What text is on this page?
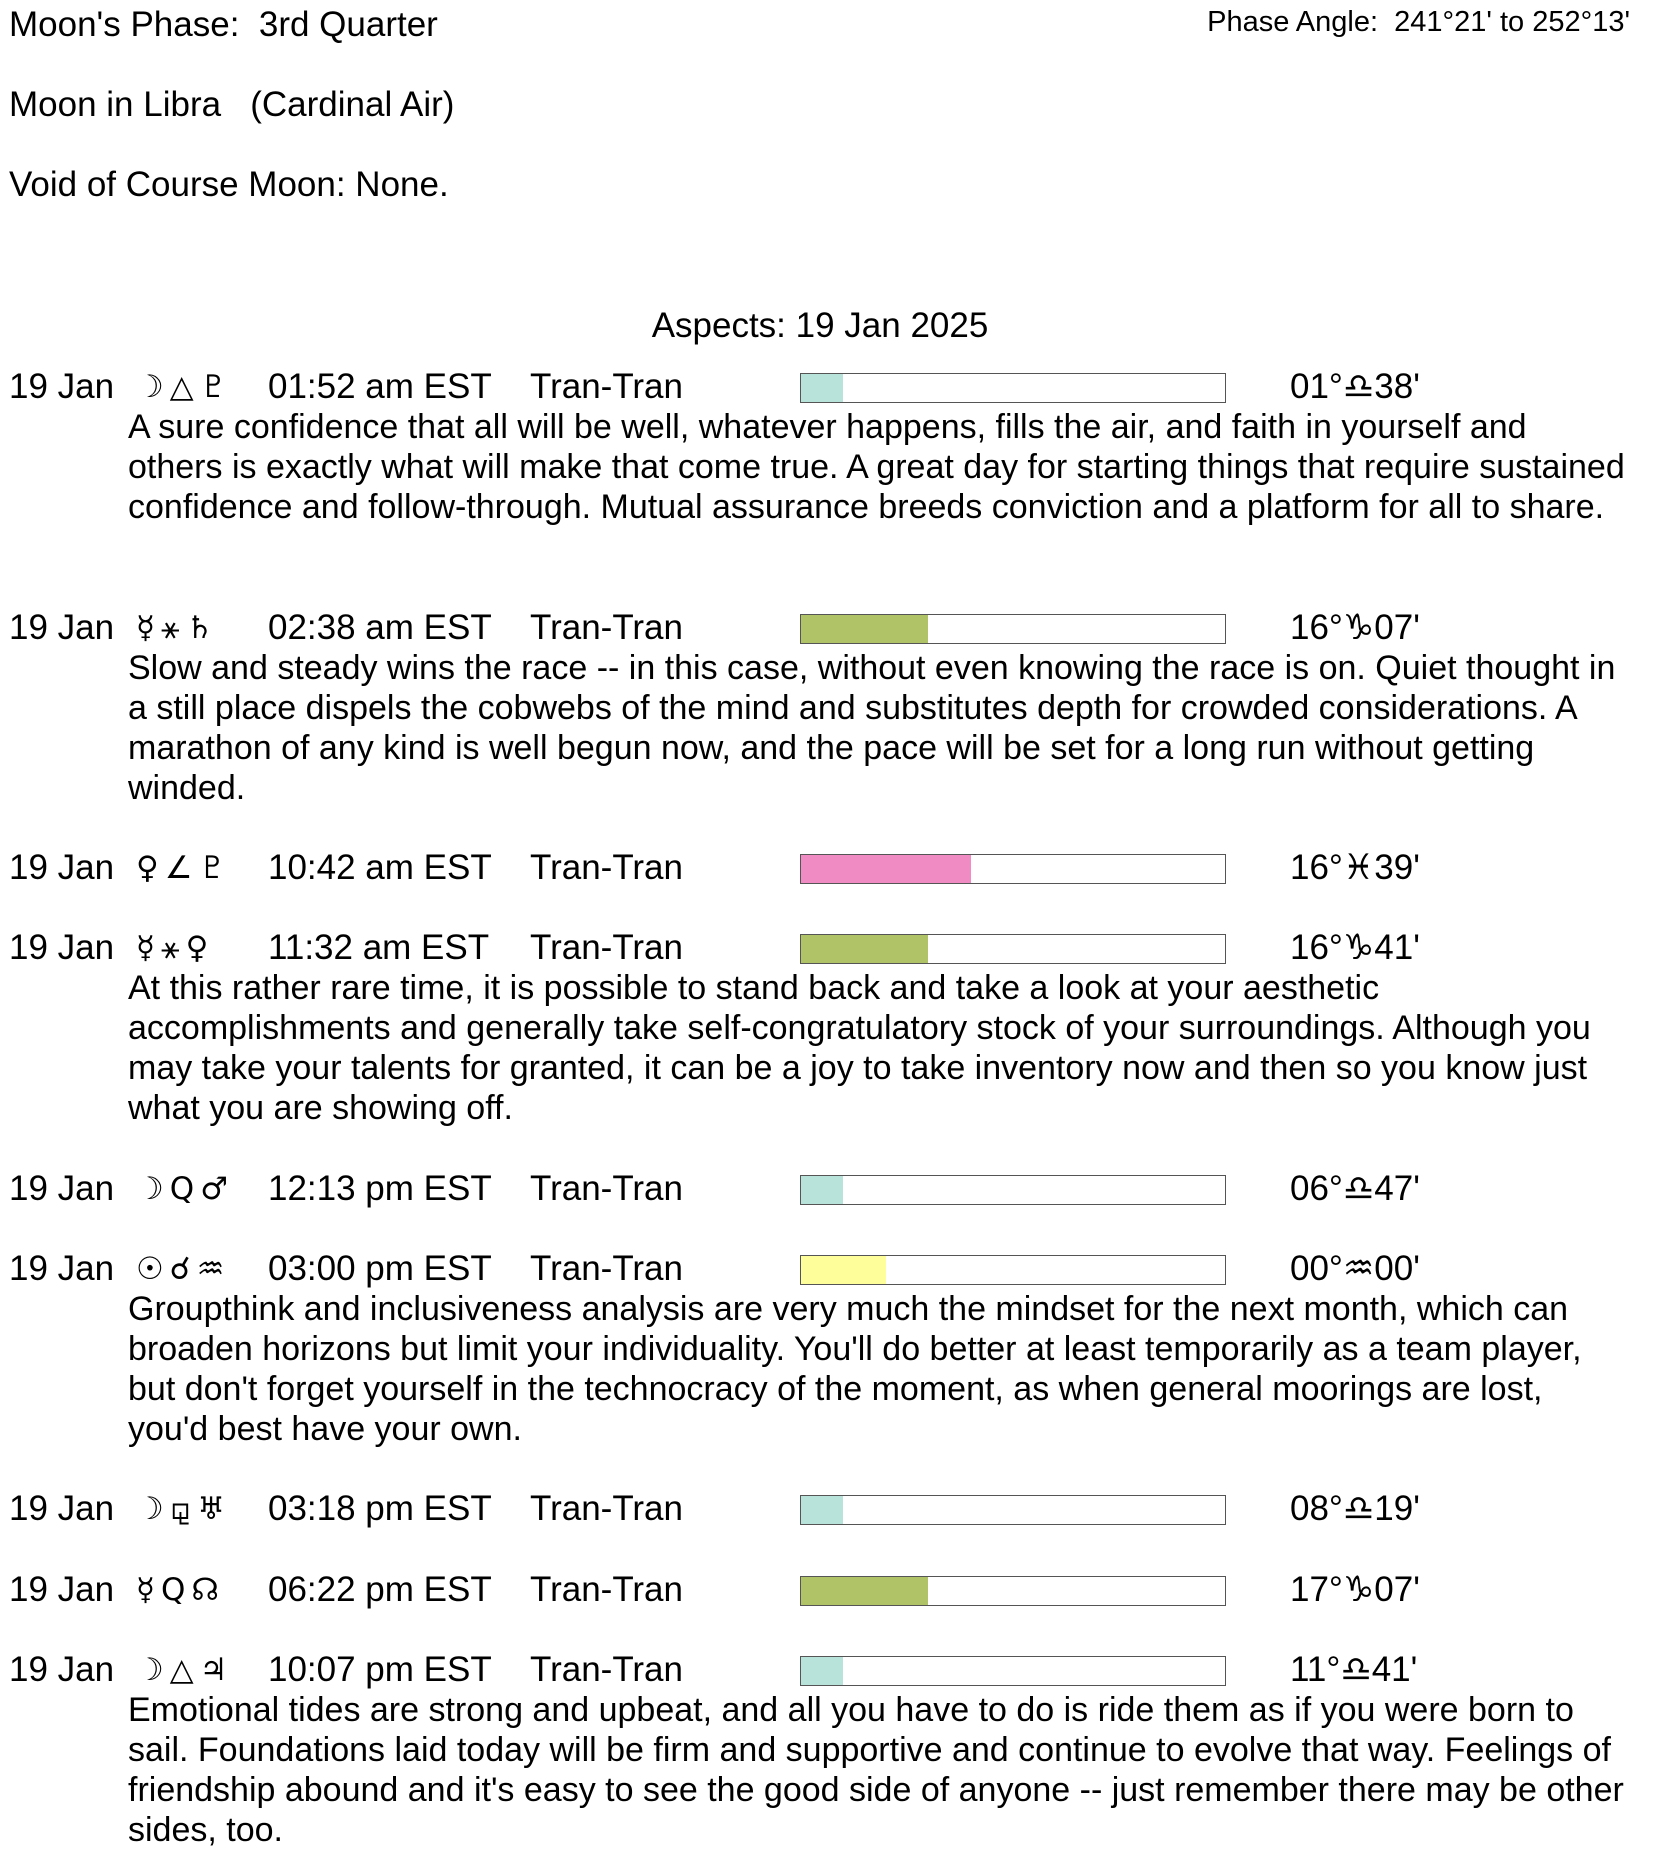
Moon's Phase:  3rd Quarter	Phase Angle:  241°21' to 252°13'
Moon in Libra   (Cardinal Air)
Void of Course Moon: None.
Aspects: 19 Jan 2025
19 Jan ☽△♇ 01:52 am EST Tran-Tran	01°♎38'
A sure confidence that all will be well, whatever happens, fills the air, and faith in yourself and others is exactly what will make that come true. A great day for starting things that require sustained confidence and follow-through. Mutual assurance breeds conviction and a platform for all to share.
19 Jan ☿⚹♄ 02:38 am EST Tran-Tran	16°♑07'
Slow and steady wins the race -- in this case, without even knowing the race is on. Quiet thought in a still place dispels the cobwebs of the mind and substitutes depth for crowded considerations. A marathon of any kind is well begun now, and the pace will be set for a long run without getting winded.
19 Jan ♀∠♇ 10:42 am EST Tran-Tran	16°♓39'
19 Jan ☿⚹♀ 11:32 am EST Tran-Tran	16°♑41'
At this rather rare time, it is possible to stand back and take a look at your aesthetic accomplishments and generally take self-congratulatory stock of your surroundings. Although you may take your talents for granted, it can be a joy to take inventory now and then so you know just what you are showing off.
19 Jan ☽Q♂ 12:13 pm EST Tran-Tran	06°♎47'
19 Jan ☉☌♒ 03:00 pm EST Tran-Tran	00°♒00'
Groupthink and inclusiveness analysis are very much the mindset for the next month, which can broaden horizons but limit your individuality. You'll do better at least temporarily as a team player, but don't forget yourself in the technocracy of the moment, as when general moorings are lost, you'd best have your own.
19 Jan ☽⚼♅ 03:18 pm EST Tran-Tran	08°♎19'
19 Jan ☿Q☊ 06:22 pm EST Tran-Tran	17°♑07'
19 Jan ☽△♃ 10:07 pm EST Tran-Tran	11°♎41'
Emotional tides are strong and upbeat, and all you have to do is ride them as if you were born to sail. Foundations laid today will be firm and supportive and continue to evolve that way. Feelings of friendship abound and it's easy to see the good side of anyone -- just remember there may be other sides, too.
